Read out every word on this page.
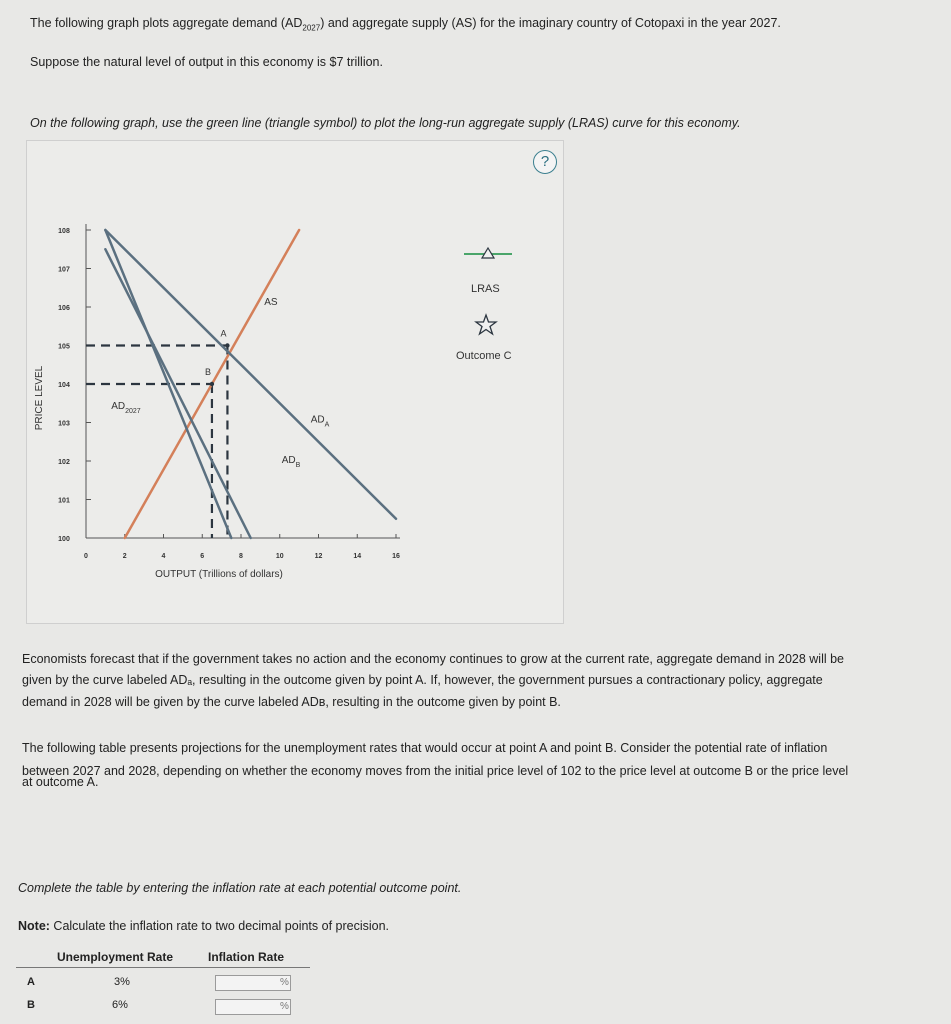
The following graph plots aggregate demand $(AD_{2027})$ and aggregate supply (AS) for the imaginary country of Cotopaxi in the year 2027.
Suppose the natural level of output in this economy is $7 trillion.
On the following graph, use the green line (triangle symbol) to plot the long-run aggregate supply (LRAS) curve for this economy.
?
100
101
102
103
104
105
106
107
108
0	2	4	6	8	10	12	14	16
PRICE LEVEL
OUTPUT (Trillions of dollars)
A
B
AS
$AD_{2027}$
$AD_A$
$AD_B$
LRAS
Outcome C
Economists forecast that if the government takes no action and the economy continues to grow at the current rate, aggregate demand in 2028 will be
given by the curve labeled ADₐ, resulting in the outcome given by point A. If, however, the government pursues a contractionary policy, aggregate
demand in 2028 will be given by the curve labeled ADʙ, resulting in the outcome given by point B.
The following table presents projections for the unemployment rates that would occur at point A and point B. Consider the potential rate of inflation
between 2027 and 2028, depending on whether the economy moves from the initial price level of 102 to the price level at outcome B or the price level
at outcome A.
Complete the table by entering the inflation rate at each potential outcome point.
Note: Calculate the inflation rate to two decimal points of precision.
Unemployment Rate	Inflation Rate
A	3%	%
B	6%	%
